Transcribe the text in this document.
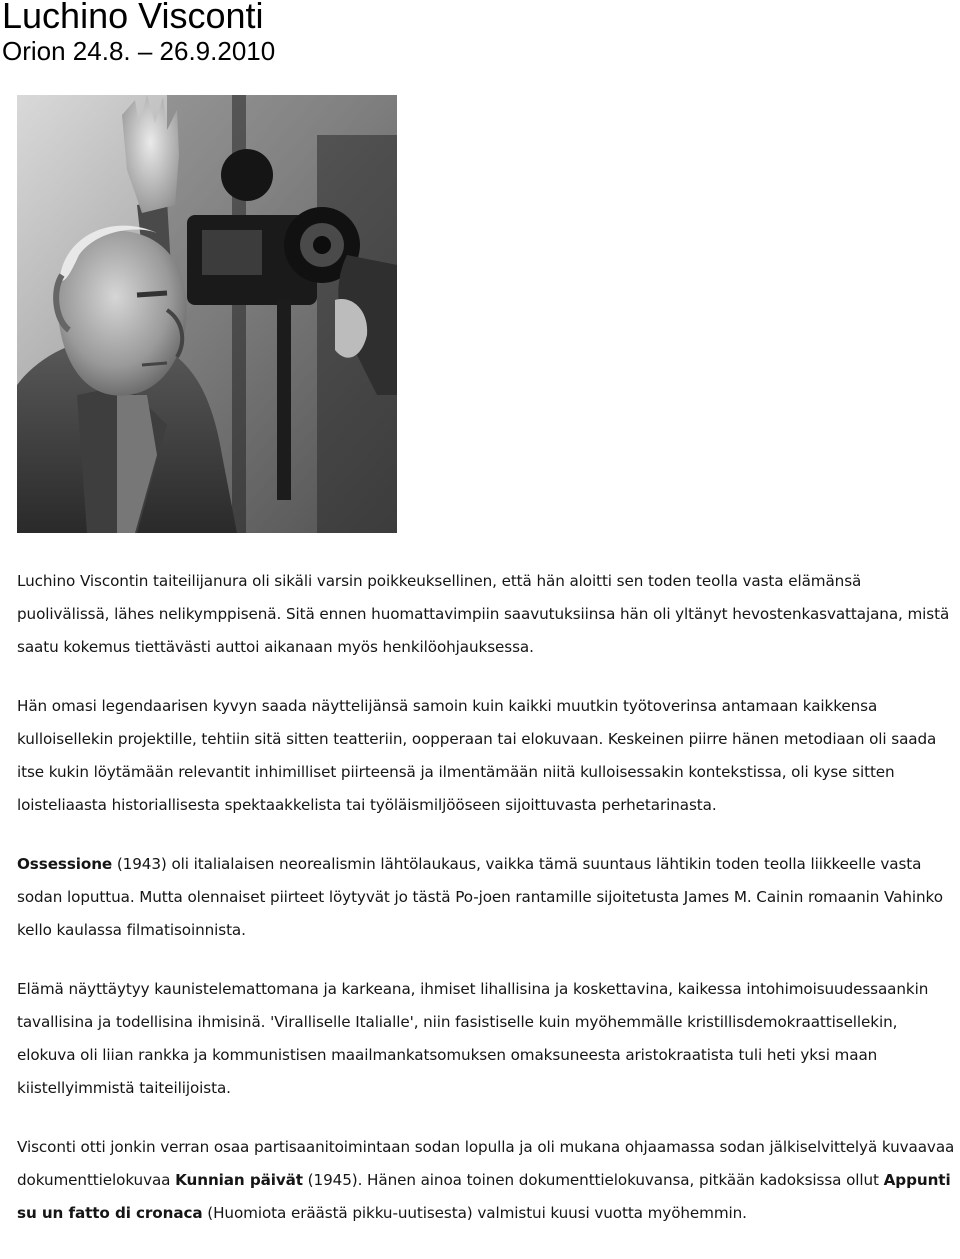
Luchino Visconti
Orion 24.8. – 26.9.2010

Luchino Viscontin taiteilijanura oli sikäli varsin poikkeuksellinen, että hän aloitti sen toden teolla vasta elämänsä puolivälissä, lähes nelikymppisenä. Sitä ennen huomattavimpiin saavutuksiinsa hän oli yltänyt hevostenkasvattajana, mistä saatu kokemus tiettävästi auttoi aikanaan myös henkilöohjauksessa.

Hän omasi legendaarisen kyvyn saada näyttelijänsä samoin kuin kaikki muutkin työtoverinsa antamaan kaikkensa kulloisellekin projektille, tehtiin sitä sitten teatteriin, oopperaan tai elokuvaan. Keskeinen piirre hänen metodiaan oli saada itse kukin löytämään relevantit inhimilliset piirteensä ja ilmentämään niitä kulloisessakin kontekstissa, oli kyse sitten loisteliaasta historiallisesta spektaakkelista tai työläismiljööseen sijoittuvasta perhetarinasta.

Ossessione (1943) oli italialaisen neorealismin lähtölaukaus, vaikka tämä suuntaus lähtikin toden teolla liikkeelle vasta sodan loputtua. Mutta olennaiset piirteet löytyvät jo tästä Po-joen rantamille sijoitetusta James M. Cainin romaanin Vahinko kello kaulassa filmatisoinnista.

Elämä näyttäytyy kaunistelemattomana ja karkeana, ihmiset lihallisina ja koskettavina, kaikessa intohimoisuudessaankin tavallisina ja todellisina ihmisinä. 'Viralliselle Italialle', niin fasistiselle kuin myöhemmälle kristillisdemokraattisellekin, elokuva oli liian rankka ja kommunistisen maailmankatsomuksen omaksuneesta aristokraatista tuli heti yksi maan kiistellyimmistä taiteilijoista.

Visconti otti jonkin verran osaa partisaanitoimintaan sodan lopulla ja oli mukana ohjaamassa sodan jälkiselvittelyä kuvaavaa dokumenttielokuvaa Kunnian päivät (1945). Hänen ainoa toinen dokumenttielokuvansa, pitkään kadoksissa ollut Appunti su un fatto di cronaca (Huomiota eräästä pikku-uutisesta) valmistui kuusi vuotta myöhemmin.
